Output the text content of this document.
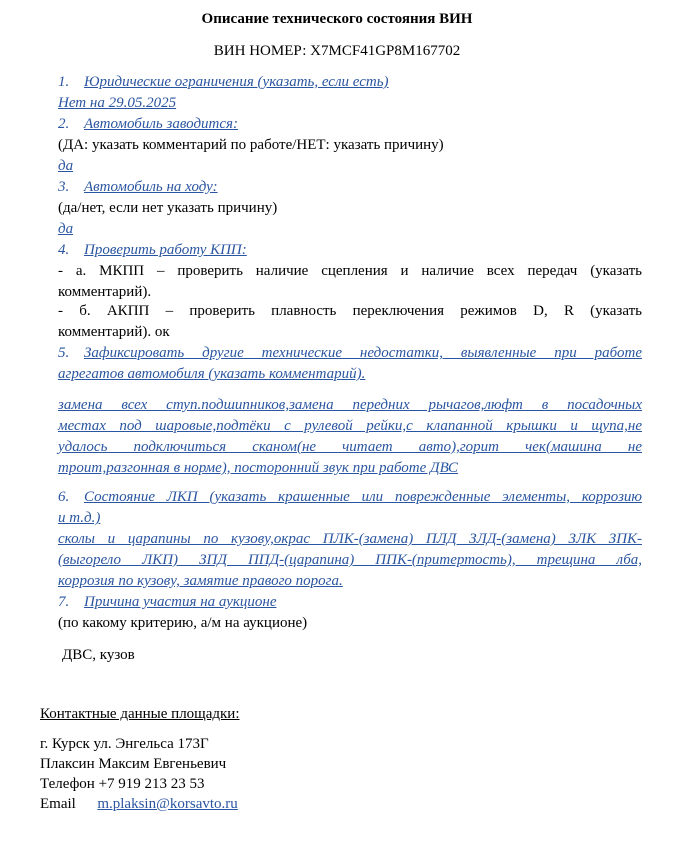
Описание технического состояния ВИН
ВИН НОМЕР: X7MCF41GP8M167702
1. Юридические ограничения (указать, если есть)
Нет на 29.05.2025
2. Автомобиль заводится:
(ДА: указать комментарий по работе/НЕТ: указать причину)
да
3. Автомобиль на ходу:
(да/нет, если нет указать причину)
да
4. Проверить работу КПП:
- а. МКПП – проверить наличие сцепления и наличие всех передач (указать
комментарий).
- б. АКПП – проверить плавность переключения режимов D, R (указать
комментарий). ок
5. Зафиксировать другие технические недостатки, выявленные при работе
агрегатов автомобиля (указать комментарий).
замена всех ступ.подшипников,замена передних рычагов,люфт в посадочных
местах под шаровые,подтёки с рулевой рейки,с клапанной крышки и щупа,не
удалось подключиться сканом(не читает авто),горит чек(машина не
троит,разгонная в норме), посторонний звук при работе ДВС
6. Состояние ЛКП (указать крашенные или поврежденные элементы, коррозию
и т.д.)
сколы и царапины по кузову,окрас ПЛК-(замена) ПЛД ЗЛД-(замена) ЗЛК ЗПК-
(выгорело ЛКП) ЗПД ППД-(царапина) ППК-(притертость), трещина лба,
коррозия по кузову, замятие правого порога.
7. Причина участия на аукционе
(по какому критерию, а/м на аукционе)
ДВС, кузов
Контактные данные площадки:
г. Курск ул. Энгельса 173Г
Плаксин Максим Евгеньевич
Телефон +7 919 213 23 53
Email m.plaksin@korsavto.ru
